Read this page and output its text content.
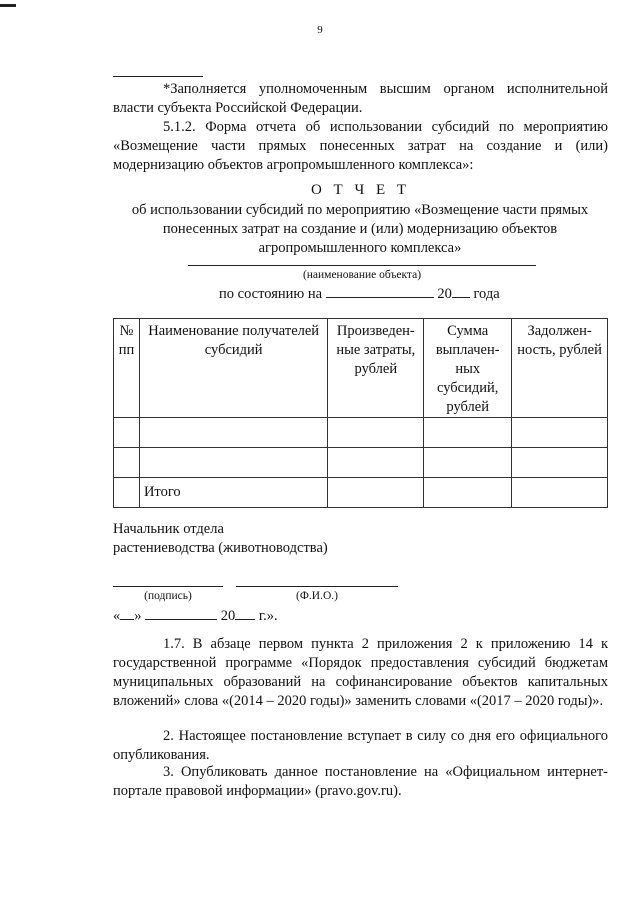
9
*Заполняется уполномоченным высшим органом исполнительной власти субъекта Российской Федерации.
5.1.2. Форма отчета об использовании субсидий по мероприятию «Возмещение части прямых понесенных затрат на создание и (или) модернизацию объектов агропромышленного комплекса»:
О Т Ч Е Т
об использовании субсидий по мероприятию «Возмещение части прямых понесенных затрат на создание и (или) модернизацию объектов агропромышленного комплекса»
(наименование объекта)
по состоянию на	20 года
№ пп	Наименование получателей субсидий	Произведен-ные затраты, рублей	Сумма выплачен-ных субсидий, рублей	Задолжен-ность, рублей

	Итого			
Начальник отдела
растениеводства (животноводства)
(подпись)	(Ф.И.О.)
« »	20 г.».
1.7. В абзаце первом пункта 2 приложения 2 к приложению 14 к государственной программе «Порядок предоставления субсидий бюджетам муниципальных образований на софинансирование объектов капитальных вложений» слова «(2014 – 2020 годы)» заменить словами «(2017 – 2020 годы)».
2. Настоящее постановление вступает в силу со дня его официального опубликования.
3. Опубликовать данное постановление на «Официальном интернет-портале правовой информации» (pravo.gov.ru).
